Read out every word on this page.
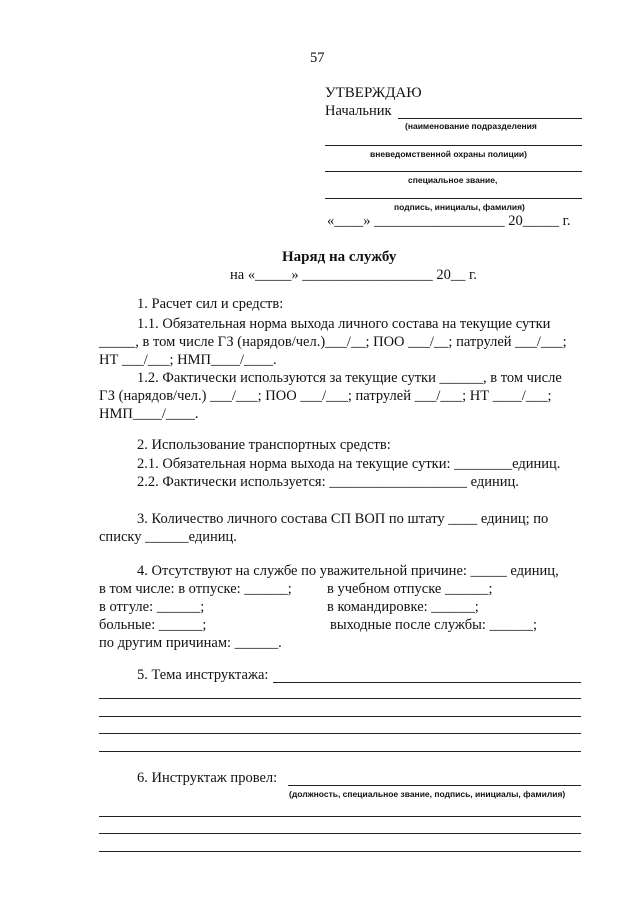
57
УТВЕРЖДАЮ
Начальник
(наименование подразделения
вневедомственной охраны полиции)
специальное звание,
подпись, инициалы, фамилия)
«____» __________________ 20_____ г.
Наряд на службу
на «_____» __________________ 20__ г.
1. Расчет сил и средств:
1.1. Обязательная норма выхода личного состава на текущие сутки
_____, в том числе ГЗ (нарядов/чел.)___/__; ПОО ___/__; патрулей ___/___;
НТ ___/___; НМП____/____.
1.2. Фактически используются за текущие сутки ______, в том числе
ГЗ (нарядов/чел.) ___/___; ПОО ___/___; патрулей ___/___; НТ ____/___;
НМП____/____.
2. Использование транспортных средств:
2.1. Обязательная норма выхода на текущие сутки: ________единиц.
2.2. Фактически используется: ___________________ единиц.
3. Количество личного состава СП ВОП по штату ____ единиц; по
списку ______единиц.
4. Отсутствуют на службе по уважительной причине: _____ единиц,
в том числе: в отпуске: ______; в учебном отпуске ______;
в отгуле: ______;	в командировке: ______;
больные: ______;	выходные после службы: ______;
по другим причинам: ______.
5. Тема инструктажа:
6. Инструктаж провел:
(должность, специальное звание, подпись, инициалы, фамилия)
